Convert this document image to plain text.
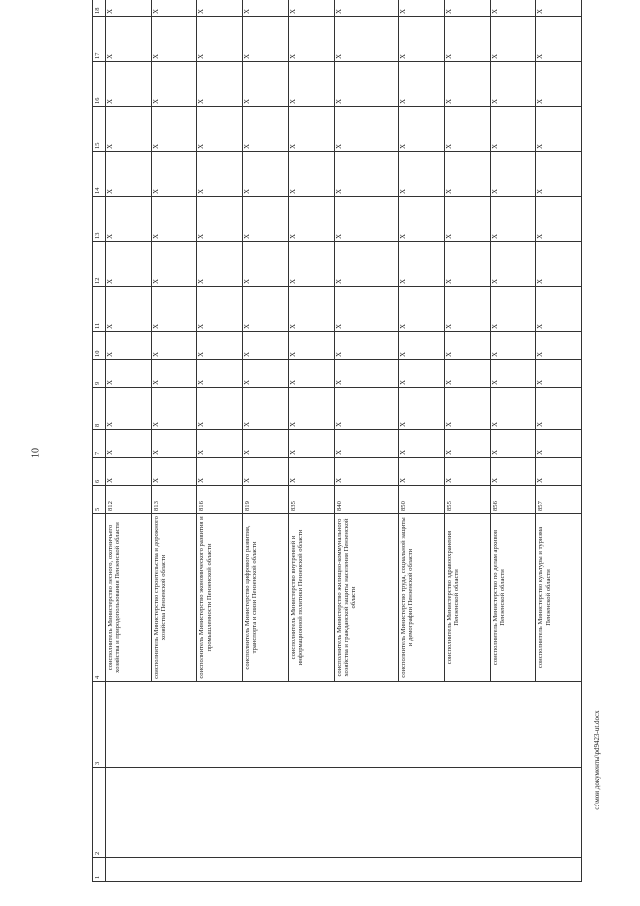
10
1	2	3	4	5	6	7	8	9	10	11	12	13	14	15	16	17	18
			соисполнитель Министерство лесного, охотничьего хозяйства и природопользования Пензенской области	812	X	X	X	X	X	X	X	X	X	X	X	X	X
			соисполнитель Министерство строительства и дорожного хозяйства Пензенской области	813	X	X	X	X	X	X	X	X	X	X	X	X	X
			соисполнитель Министерство экономического развития и промышленности Пензенской области	816	X	X	X	X	X	X	X	X	X	X	X	X	X
			соисполнитель Министерство цифрового развития, транспорта и связи Пензенской области	819	X	X	X	X	X	X	X	X	X	X	X	X	X
			соисполнитель Министерство внутренней и информационной политики Пензенской области	835	X	X	X	X	X	X	X	X	X	X	X	X	X
			соисполнитель Министерство жилищно-коммунального хозяйства и гражданской защиты населения Пензенской области	840	X	X	X	X	X	X	X	X	X	X	X	X	X
			соисполнитель Министерство труда, социальной защиты и демографии Пензенской области	850	X	X	X	X	X	X	X	X	X	X	X	X	X
			соисполнитель Министерство здравоохранения Пензенской области	855	X	X	X	X	X	X	X	X	X	X	X	X	X
			соисполнитель Министерство по делам архивов Пензенской области	856	X	X	X	X	X	X	X	X	X	X	X	X	X
			соисполнитель Министерство культуры и туризма Пензенской области	857	X	X	X	X	X	X	X	X	X	X	X	X	X
c:\мои документы\pd9423-ut.docx
